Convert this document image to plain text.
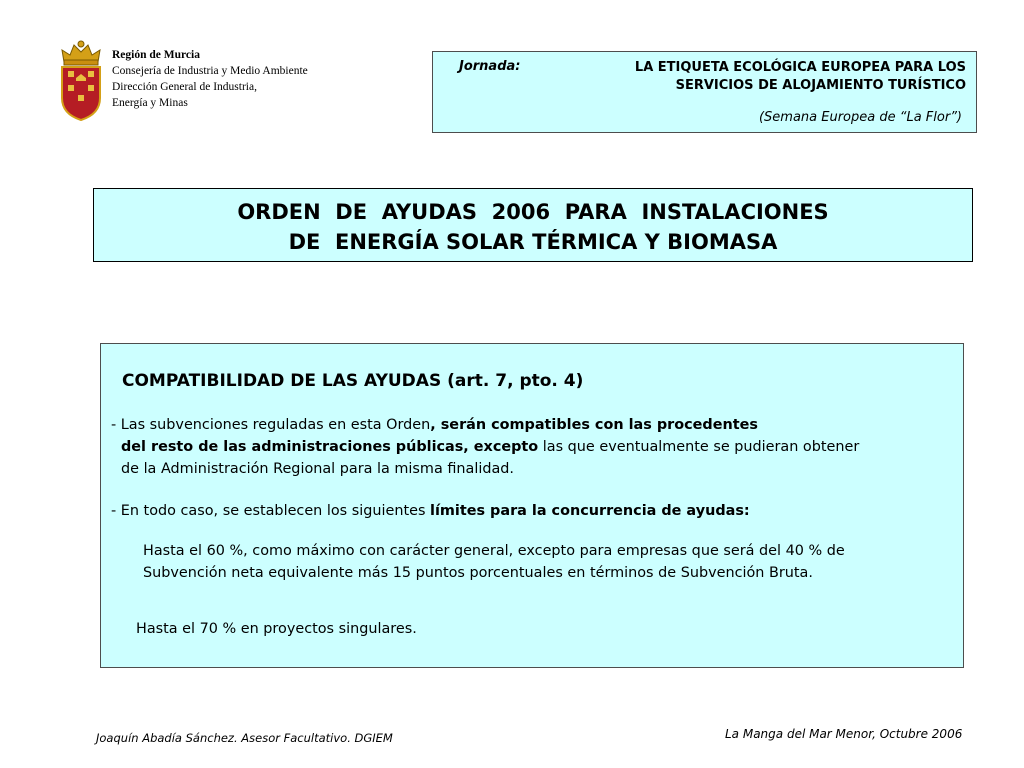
Región de Murcia
Consejería de Industria y Medio Ambiente
Dirección General de Industria,
Energía y Minas
Jornada:	LA ETIQUETA ECOLÓGICA EUROPEA PARA LOS
SERVICIOS DE ALOJAMIENTO TURÍSTICO
(Semana Europea de “La Flor”)
ORDEN  DE  AYUDAS  2006  PARA  INSTALACIONES
DE  ENERGÍA SOLAR TÉRMICA Y BIOMASA
COMPATIBILIDAD DE LAS AYUDAS (art. 7, pto. 4)
- Las subvenciones reguladas en esta Orden, serán compatibles con las procedentes
del resto de las administraciones públicas, excepto las que eventualmente se pudieran obtener
de la Administración Regional para la misma finalidad.
- En todo caso, se establecen los siguientes límites para la concurrencia de ayudas:
Hasta el 60 %, como máximo con carácter general, excepto para empresas que será del 40 % de
Subvención neta equivalente más 15 puntos porcentuales en términos de Subvención Bruta.
Hasta el 70 % en proyectos singulares.
Joaquín Abadía Sánchez. Asesor Facultativo. DGIEM	La Manga del Mar Menor, Octubre 2006
